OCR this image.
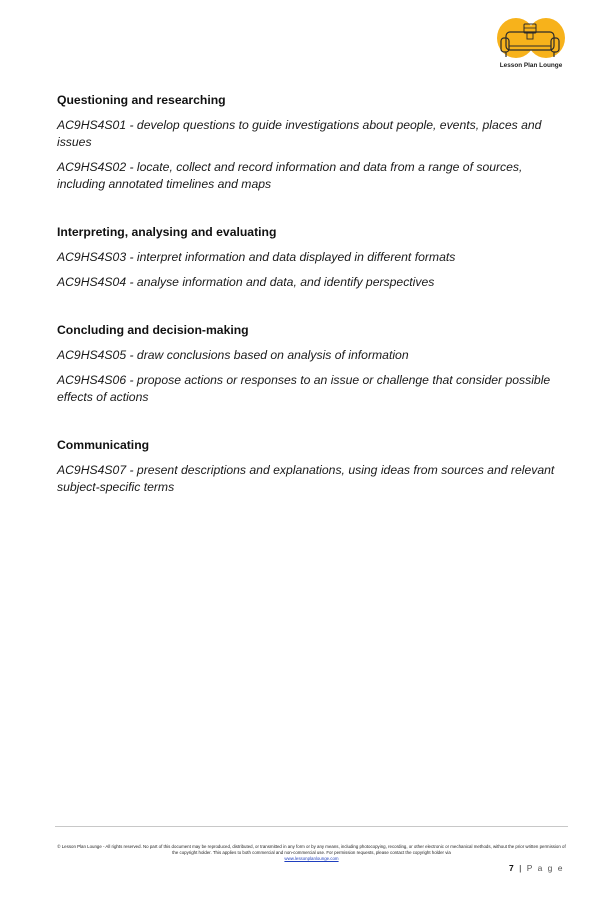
Lesson Plan Lounge
Questioning and researching

AC9HS4S01 - develop questions to guide investigations about people, events, places and issues

AC9HS4S02 - locate, collect and record information and data from a range of sources, including annotated timelines and maps

Interpreting, analysing and evaluating

AC9HS4S03 - interpret information and data displayed in different formats

AC9HS4S04 - analyse information and data, and identify perspectives

Concluding and decision-making

AC9HS4S05 - draw conclusions based on analysis of information

AC9HS4S06 - propose actions or responses to an issue or challenge that consider possible effects of actions

Communicating

AC9HS4S07 - present descriptions and explanations, using ideas from sources and relevant subject-specific terms

© Lesson Plan Lounge - All rights reserved. No part of this document may be reproduced, distributed, or transmitted in any form or by any means, including photocopying, recording, or other electronic or mechanical methods, without the prior written permission of the copyright holder. This applies to both commercial and non-commercial use. For permission requests, please contact the copyright holder via
www.lessonplanlounge.com
7 | P a g e
